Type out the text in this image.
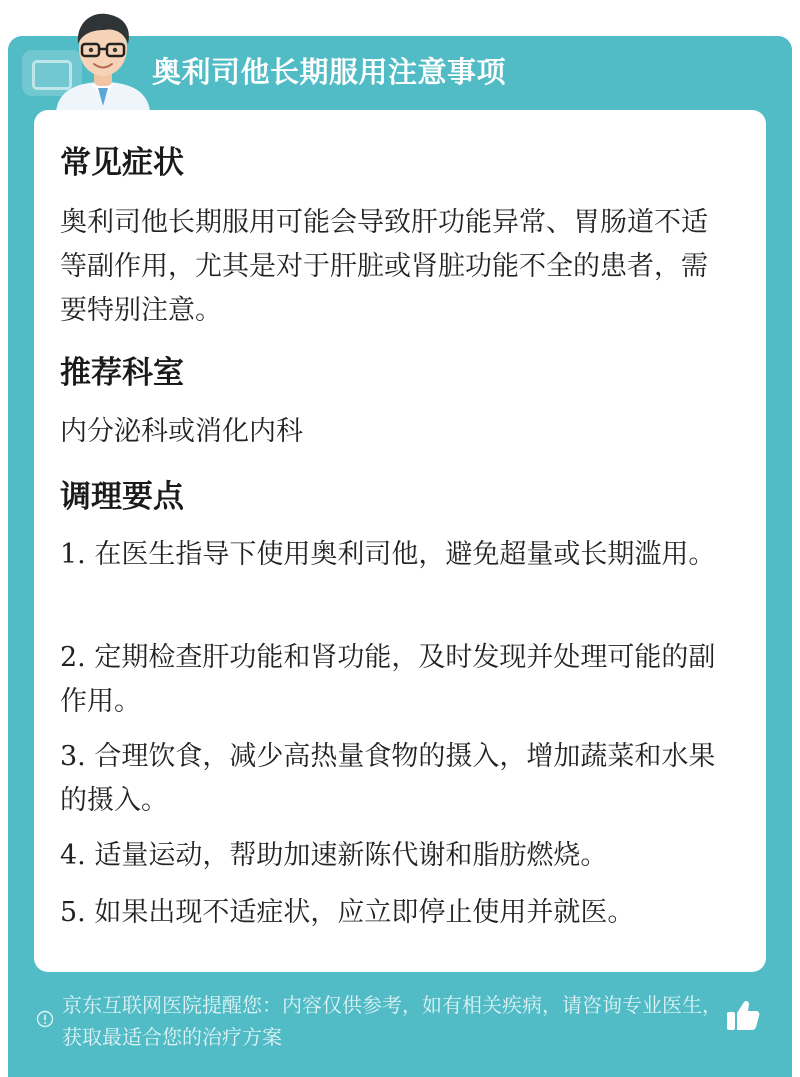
奥利司他长期服用注意事项
常见症状
奥利司他长期服用可能会导致肝功能异常、胃肠道不适等副作用，尤其是对于肝脏或肾脏功能不全的患者，需要特别注意。
推荐科室
内分泌科或消化内科
调理要点
1. 在医生指导下使用奥利司他，避免超量或长期滥用。
2. 定期检查肝功能和肾功能，及时发现并处理可能的副作用。
3. 合理饮食，减少高热量食物的摄入，增加蔬菜和水果的摄入。
4. 适量运动，帮助加速新陈代谢和脂肪燃烧。
5. 如果出现不适症状，应立即停止使用并就医。
京东互联网医院提醒您：内容仅供参考，如有相关疾病，请咨询专业医生，获取最适合您的治疗方案
